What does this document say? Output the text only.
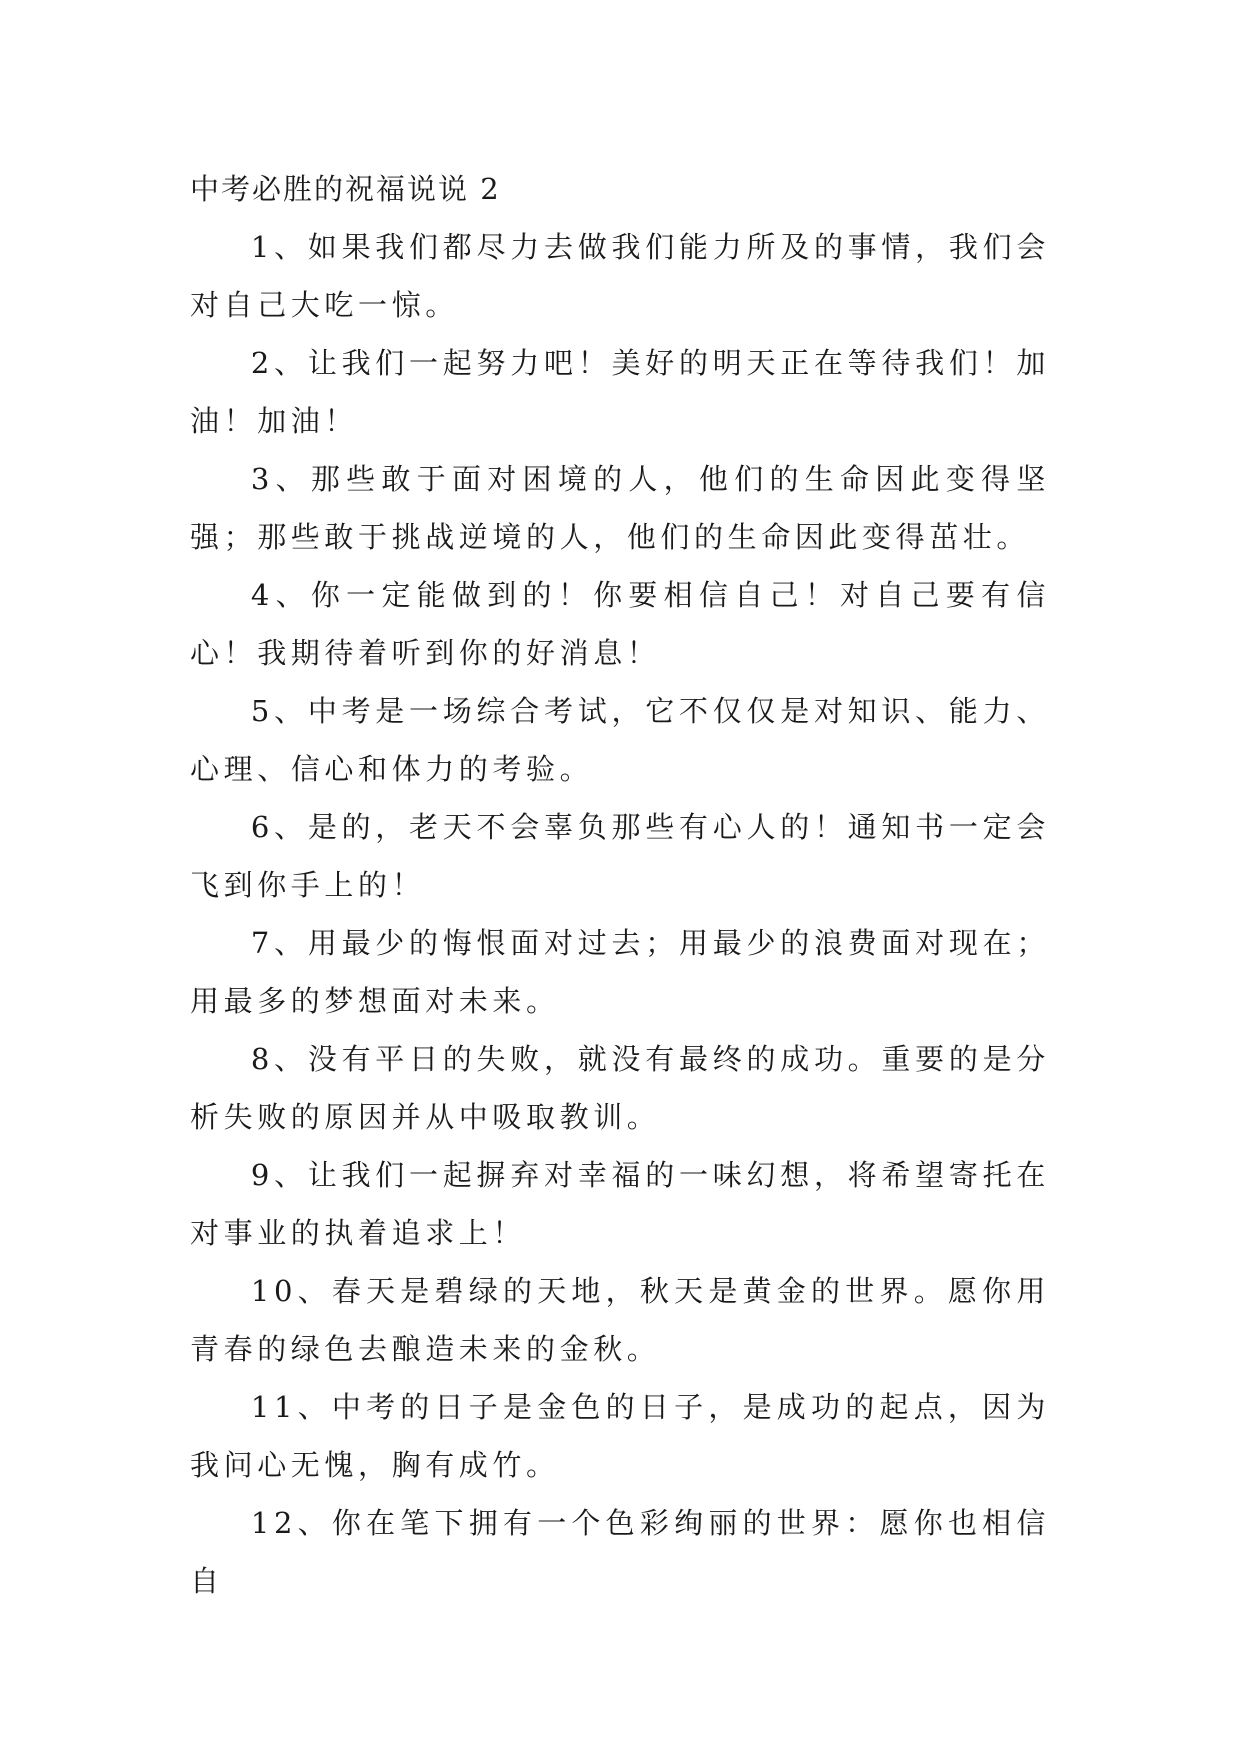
中考必胜的祝福说说 2

1、如果我们都尽力去做我们能力所及的事情，我们会对自己大吃一惊。

2、让我们一起努力吧！美好的明天正在等待我们！加油！加油！

3、那些敢于面对困境的人，他们的生命因此变得坚强；那些敢于挑战逆境的人，他们的生命因此变得茁壮。

4、你一定能做到的！你要相信自己！对自己要有信心！我期待着听到你的好消息！

5、中考是一场综合考试，它不仅仅是对知识、能力、心理、信心和体力的考验。

6、是的，老天不会辜负那些有心人的！通知书一定会飞到你手上的！

7、用最少的悔恨面对过去；用最少的浪费面对现在；用最多的梦想面对未来。

8、没有平日的失败，就没有最终的成功。重要的是分析失败的原因并从中吸取教训。

9、让我们一起摒弃对幸福的一味幻想，将希望寄托在对事业的执着追求上！

10、春天是碧绿的天地，秋天是黄金的世界。愿你用青春的绿色去酿造未来的金秋。

11、中考的日子是金色的日子，是成功的起点，因为我问心无愧，胸有成竹。

12、你在笔下拥有一个色彩绚丽的世界：愿你也相信自
